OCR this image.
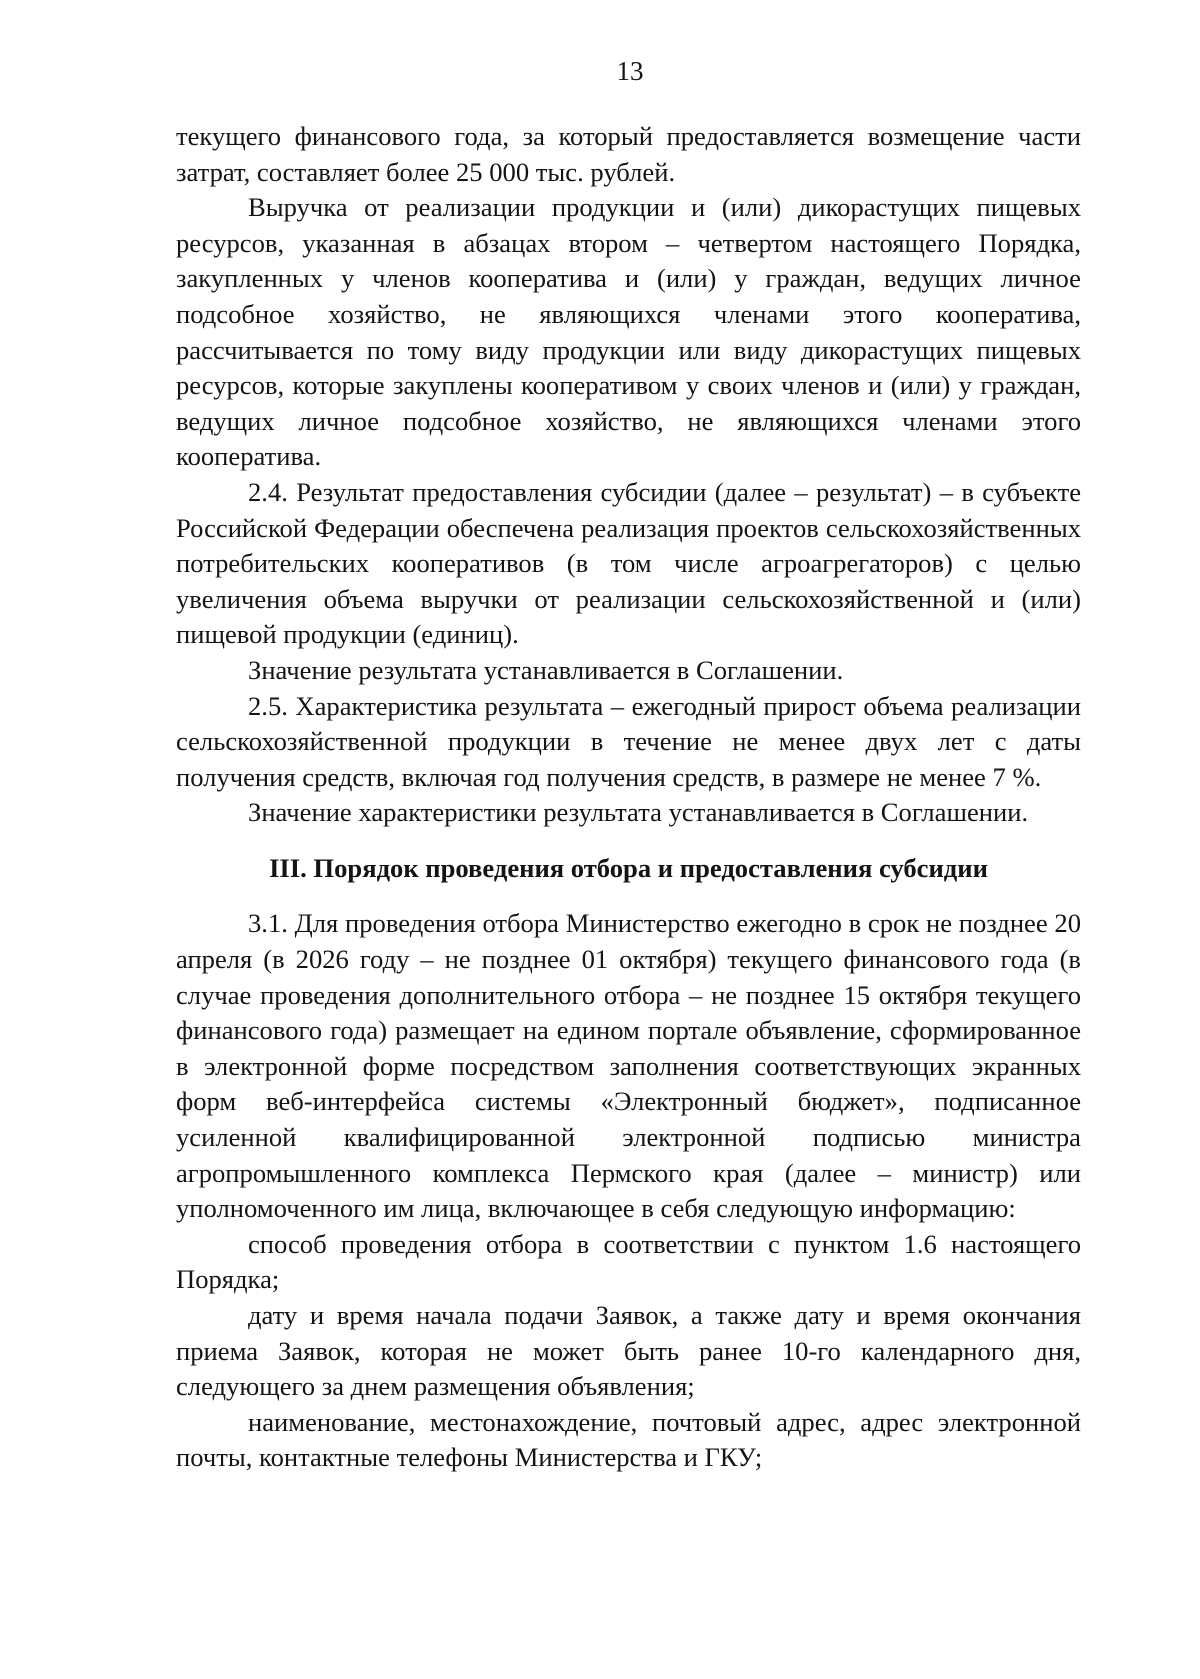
13

текущего финансового года, за который предоставляется возмещение части затрат, составляет более 25 000 тыс. рублей.

Выручка от реализации продукции и (или) дикорастущих пищевых ресурсов, указанная в абзацах втором – четвертом настоящего Порядка, закупленных у членов кооператива и (или) у граждан, ведущих личное подсобное хозяйство, не являющихся членами этого кооператива, рассчитывается по тому виду продукции или виду дикорастущих пищевых ресурсов, которые закуплены кооперативом у своих членов и (или) у граждан, ведущих личное подсобное хозяйство, не являющихся членами этого кооператива.

2.4. Результат предоставления субсидии (далее – результат) – в субъекте Российской Федерации обеспечена реализация проектов сельскохозяйственных потребительских кооперативов (в том числе агроагрегаторов) с целью увеличения объема выручки от реализации сельскохозяйственной и (или) пищевой продукции (единиц).

Значение результата устанавливается в Соглашении.

2.5. Характеристика результата – ежегодный прирост объема реализации сельскохозяйственной продукции в течение не менее двух лет с даты получения средств, включая год получения средств, в размере не менее 7 %.

Значение характеристики результата устанавливается в Соглашении.

III. Порядок проведения отбора и предоставления субсидии

3.1. Для проведения отбора Министерство ежегодно в срок не позднее 20 апреля (в 2026 году – не позднее 01 октября) текущего финансового года (в случае проведения дополнительного отбора – не позднее 15 октября текущего финансового года) размещает на едином портале объявление, сформированное в электронной форме посредством заполнения соответствующих экранных форм веб-интерфейса системы «Электронный бюджет», подписанное усиленной квалифицированной электронной подписью министра агропромышленного комплекса Пермского края (далее – министр) или уполномоченного им лица, включающее в себя следующую информацию:

способ проведения отбора в соответствии с пунктом 1.6 настоящего Порядка;

дату и время начала подачи Заявок, а также дату и время окончания приема Заявок, которая не может быть ранее 10-го календарного дня, следующего за днем размещения объявления;

наименование, местонахождение, почтовый адрес, адрес электронной почты, контактные телефоны Министерства и ГКУ;
